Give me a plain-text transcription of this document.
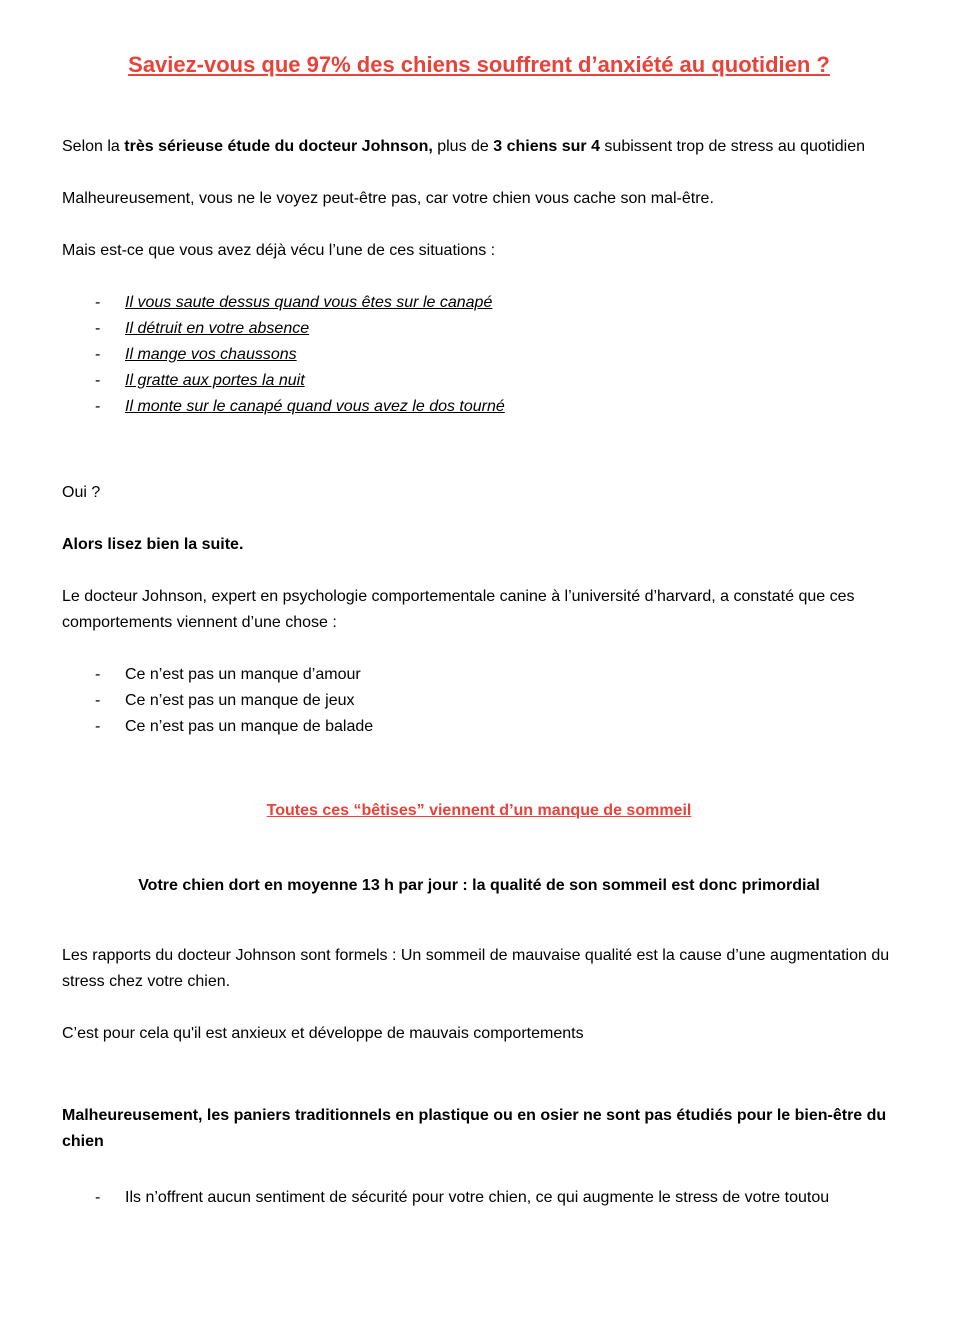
Saviez-vous que 97% des chiens souffrent d’anxiété au quotidien ?

Selon la très sérieuse étude du docteur Johnson, plus de 3 chiens sur 4 subissent trop de stress au quotidien

Malheureusement, vous ne le voyez peut-être pas, car votre chien vous cache son mal-être.

Mais est-ce que vous avez déjà vécu l’une de ces situations :

-	Il vous saute dessus quand vous êtes sur le canapé
-	Il détruit en votre absence
-	Il mange vos chaussons
-	Il gratte aux portes la nuit
-	Il monte sur le canapé quand vous avez le dos tourné

Oui ?

Alors lisez bien la suite.

Le docteur Johnson, expert en psychologie comportementale canine à l’université d’harvard, a constaté que ces comportements viennent d’une chose :

-	Ce n’est pas un manque d’amour
-	Ce n’est pas un manque de jeux
-	Ce n’est pas un manque de balade
Toutes ces “bêtises” viennent d’un manque de sommeil
Votre chien dort en moyenne 13 h par jour : la qualité de son sommeil est donc primordial

Les rapports du docteur Johnson sont formels : Un sommeil de mauvaise qualité est la cause d’une augmentation du stress chez votre chien.

C’est pour cela qu'il est anxieux et développe de mauvais comportements

Malheureusement, les paniers traditionnels en plastique ou en osier ne sont pas étudiés pour le bien-être du chien

-	Ils n’offrent aucun sentiment de sécurité pour votre chien, ce qui augmente le stress de votre toutou
